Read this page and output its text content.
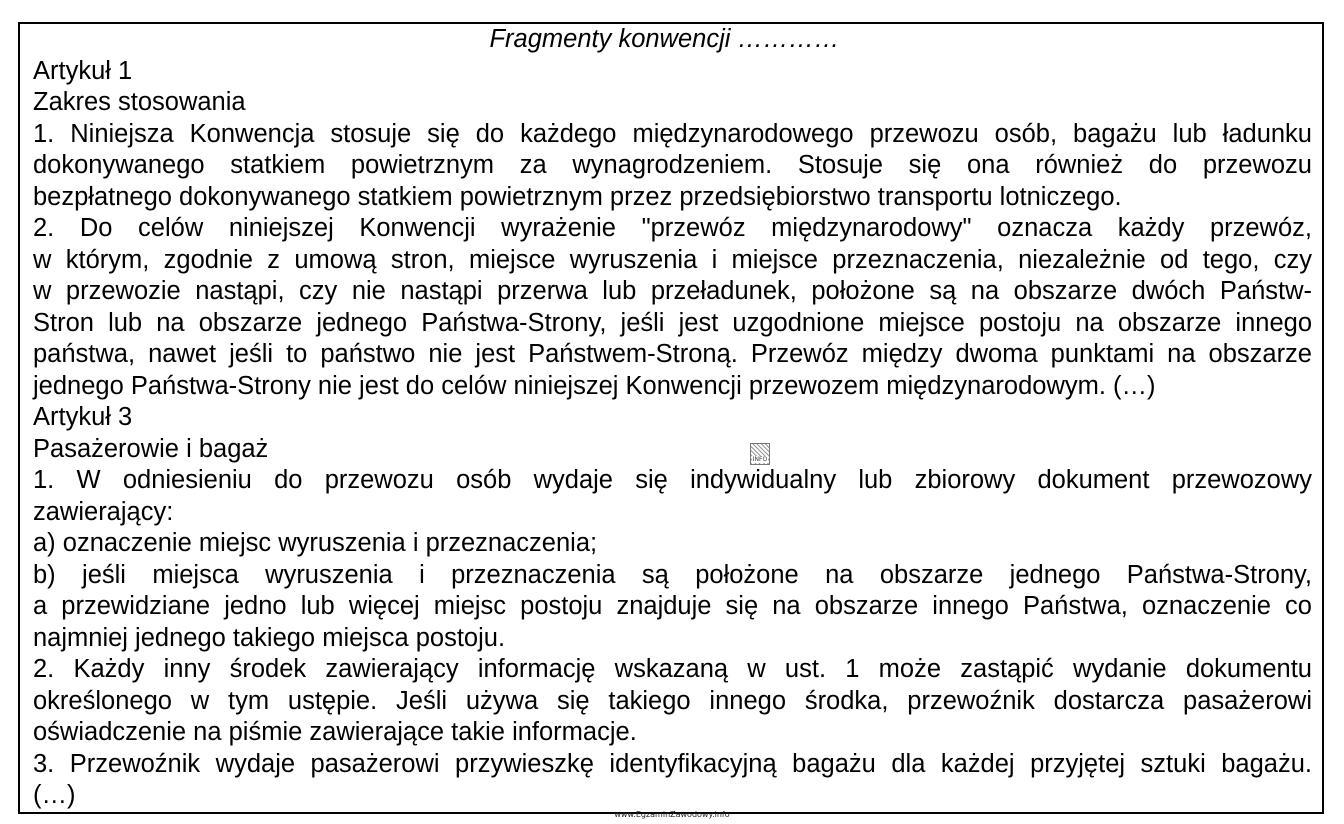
Fragmenty konwencji …………
Artykuł 1
Zakres stosowania
1. Niniejsza Konwencja stosuje się do każdego międzynarodowego przewozu osób, bagażu lub ładunku
dokonywanego statkiem powietrznym za wynagrodzeniem. Stosuje się ona również do przewozu
bezpłatnego dokonywanego statkiem powietrznym przez przedsiębiorstwo transportu lotniczego.
2. Do celów niniejszej Konwencji wyrażenie "przewóz międzynarodowy" oznacza każdy przewóz,
w którym, zgodnie z umową stron, miejsce wyruszenia i miejsce przeznaczenia, niezależnie od tego, czy
w przewozie nastąpi, czy nie nastąpi przerwa lub przeładunek, położone są na obszarze dwóch Państw-
Stron lub na obszarze jednego Państwa-Strony, jeśli jest uzgodnione miejsce postoju na obszarze innego
państwa, nawet jeśli to państwo nie jest Państwem-Stroną. Przewóz między dwoma punktami na obszarze
jednego Państwa-Strony nie jest do celów niniejszej Konwencji przewozem międzynarodowym. (…)
Artykuł 3
Pasażerowie i bagaż
1. W odniesieniu do przewozu osób wydaje się indywidualny lub zbiorowy dokument przewozowy
zawierający:
a) oznaczenie miejsc wyruszenia i przeznaczenia;
b) jeśli miejsca wyruszenia i przeznaczenia są położone na obszarze jednego Państwa-Strony,
a przewidziane jedno lub więcej miejsc postoju znajduje się na obszarze innego Państwa, oznaczenie co
najmniej jednego takiego miejsca postoju.
2. Każdy inny środek zawierający informację wskazaną w ust. 1 może zastąpić wydanie dokumentu
określonego w tym ustępie. Jeśli używa się takiego innego środka, przewoźnik dostarcza pasażerowi
oświadczenie na piśmie zawierające takie informacje.
3. Przewoźnik wydaje pasażerowi przywieszkę identyfikacyjną bagażu dla każdej przyjętej sztuki bagażu.
(…)
INFO
www.EgzaminZawodowy.info
